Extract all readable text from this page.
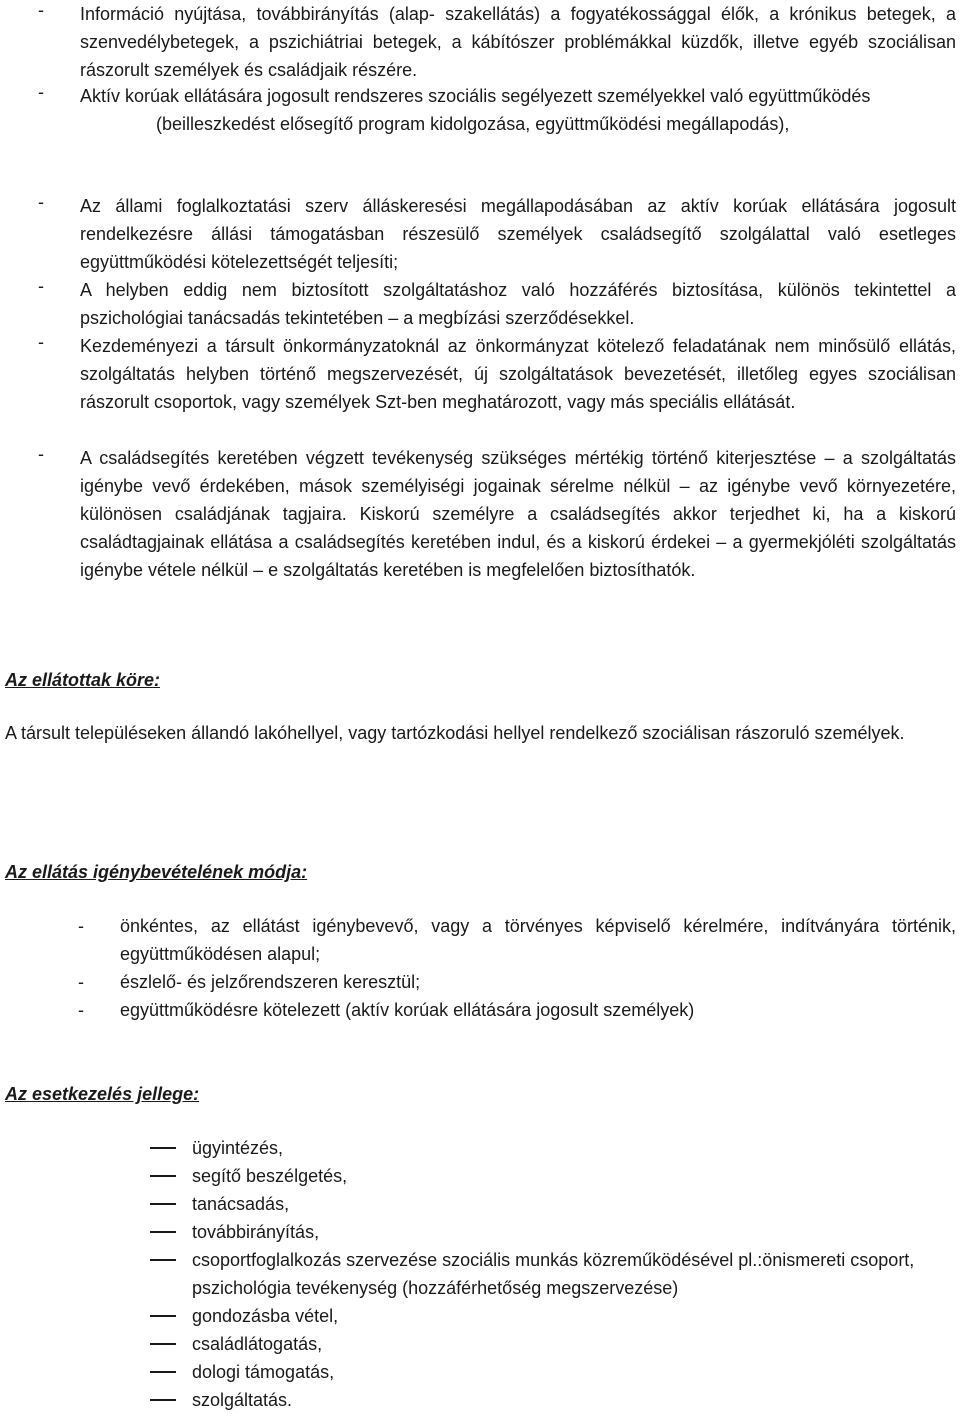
- Információ nyújtása, továbbirányítás (alap- szakellátás) a fogyatékossággal élők, a krónikus betegek, a szenvedélybetegek, a pszichiátriai betegek, a kábítószer problémákkal küzdők, illetve egyéb szociálisan rászorult személyek és családjaik részére.

- Aktív korúak ellátására jogosult rendszeres szociális segélyezett személyekkel való együttműködés

(beilleszkedést elősegítő program kidolgozása, együttműködési megállapodás),

- Az állami foglalkoztatási szerv álláskeresési megállapodásában az aktív korúak ellátására jogosult rendelkezésre állási támogatásban részesülő személyek családsegítő szolgálattal való esetleges együttműködési kötelezettségét teljesíti;

- A helyben eddig nem biztosított szolgáltatáshoz való hozzáférés biztosítása, különös tekintettel a pszichológiai tanácsadás tekintetében – a megbízási szerződésekkel.

- Kezdeményezi a társult önkormányzatoknál az önkormányzat kötelező feladatának nem minősülő ellátás, szolgáltatás helyben történő megszervezését, új szolgáltatások bevezetését, illetőleg egyes szociálisan rászorult csoportok, vagy személyek Szt-ben meghatározott, vagy más speciális ellátását.

- A családsegítés keretében végzett tevékenység szükséges mértékig történő kiterjesztése – a szolgáltatás igénybe vevő érdekében, mások személyiségi jogainak sérelme nélkül – az igénybe vevő környezetére, különösen családjának tagjaira. Kiskorú személyre a családsegítés akkor terjedhet ki, ha a kiskorú családtagjainak ellátása a családsegítés keretében indul, és a kiskorú érdekei – a gyermekjóléti szolgáltatás igénybe vétele nélkül – e szolgáltatás keretében is megfelelően biztosíthatók.

Az ellátottak köre:
A társult településeken állandó lakóhellyel, vagy tartózkodási hellyel rendelkező szociálisan rászoruló személyek.
Az ellátás igénybevételének módja:
- önkéntes, az ellátást igénybevevő, vagy a törvényes képviselő kérelmére, indítványára történik, együttműködésen alapul;
- észlelő- és jelzőrendszeren keresztül;
- együttműködésre kötelezett (aktív korúak ellátására jogosult személyek)
Az esetkezelés jellege:
ügyintézés,
segítő beszélgetés,
tanácsadás,
továbbirányítás,
csoportfoglalkozás szervezése szociális munkás közreműködésével pl.:önismereti csoport, pszichológia tevékenység (hozzáférhetőség megszervezése)
gondozásba vétel,
családlátogatás,
dologi támogatás,
szolgáltatás.
